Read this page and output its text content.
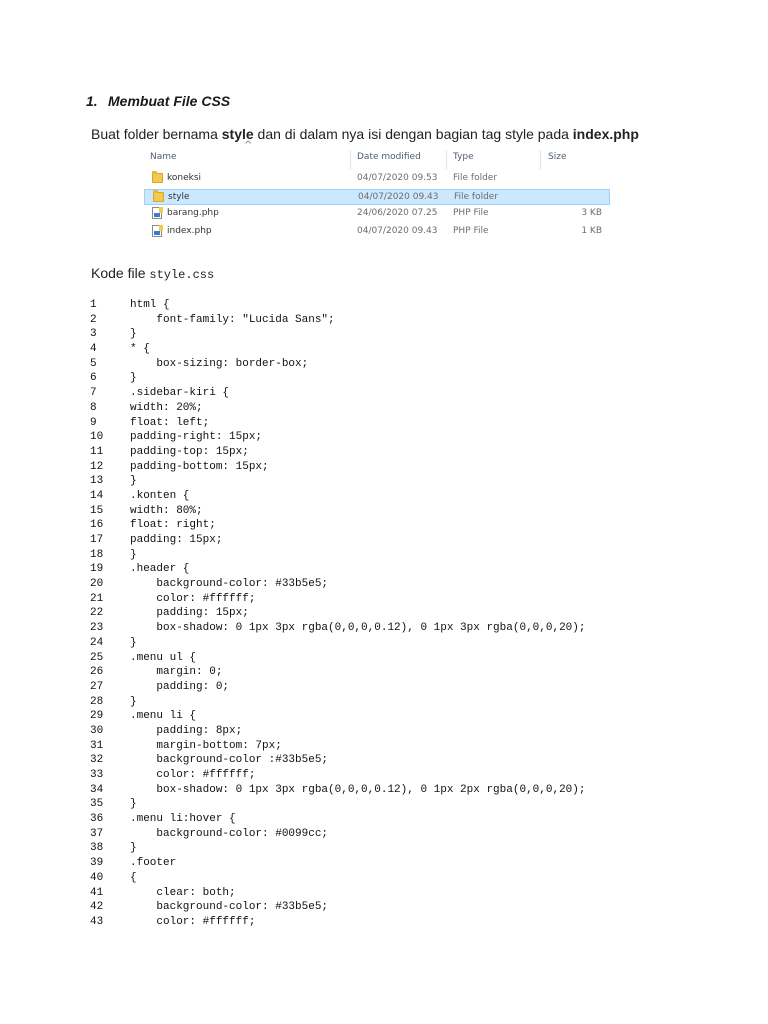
1. Membuat File CSS
Buat folder bernama style dan di dalam nya isi dengan bagian tag style pada index.php
^
Name	Date modified	Type	Size
koneksi	04/07/2020 09.53 File folder
style	04/07/2020 09.43 File folder
barang.php	24/06/2020 07.25 PHP File	3 KB
index.php	04/07/2020 09.43 PHP File	1 KB
Kode file style.css
1	html {
2	font-family: "Lucida Sans";
3	}
4	* {
5	box-sizing: border-box;
6	}
7	.sidebar-kiri {
8	width: 20%;
9	float: left;
10 padding-right: 15px;
11 padding-top: 15px;
12 padding-bottom: 15px;
13 }
14 .konten {
15 width: 80%;
16 float: right;
17 padding: 15px;
18 }
19 .header {
20    background-color: #33b5e5;
21    color: #ffffff;
22    padding: 15px;
23    box-shadow: 0 1px 3px rgba(0,0,0,0.12), 0 1px 3px rgba(0,0,0,20);
24 }
25 .menu ul {
26    margin: 0;
27    padding: 0;
28 }
29 .menu li {
30    padding: 8px;
31    margin-bottom: 7px;
32    background-color :#33b5e5;
33    color: #ffffff;
34    box-shadow: 0 1px 3px rgba(0,0,0,0.12), 0 1px 2px rgba(0,0,0,20);
35 }
36 .menu li:hover {
37    background-color: #0099cc;
38 }
39 .footer
40 {
41    clear: both;
42    background-color: #33b5e5;
43    color: #ffffff;
